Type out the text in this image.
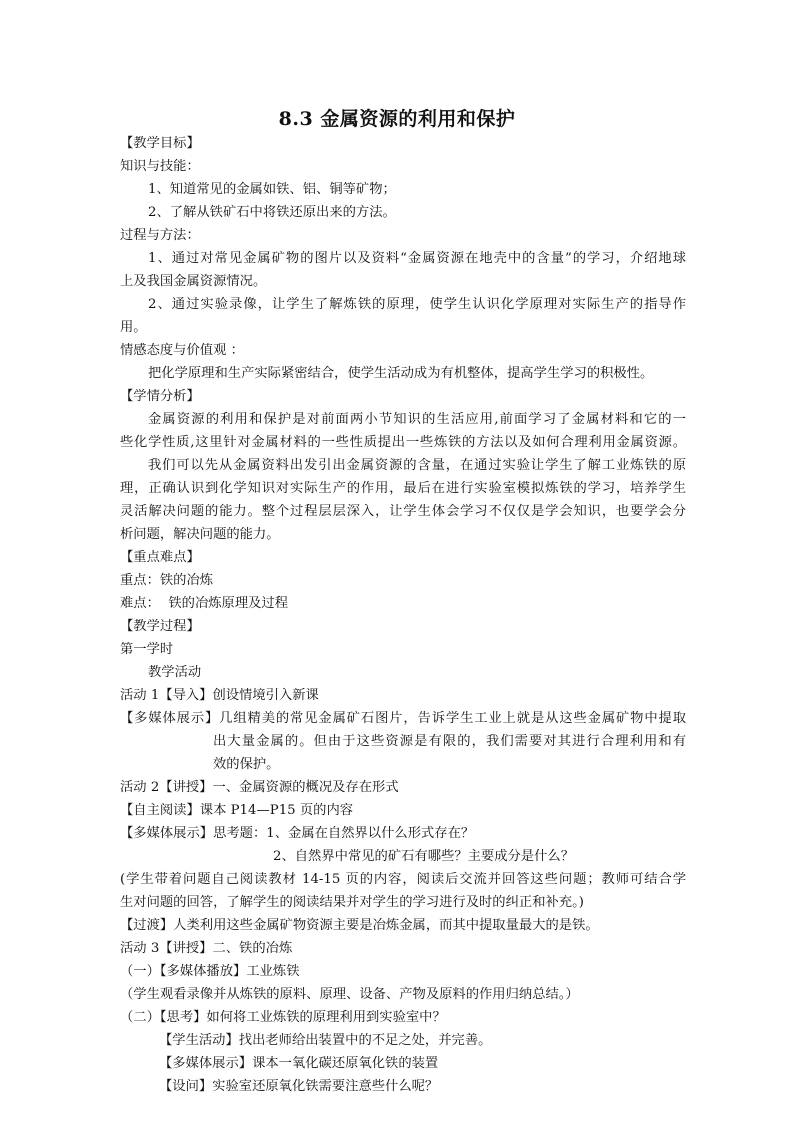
8.3 金属资源的利用和保护
【教学目标】
知识与技能：
1、知道常见的金属如铁、铝、铜等矿物；
2、了解从铁矿石中将铁还原出来的方法。
过程与方法：
1、通过对常见金属矿物的图片以及资料“金属资源在地壳中的含量”的学习，介绍地球
上及我国金属资源情况。
2、通过实验录像，让学生了解炼铁的原理，使学生认识化学原理对实际生产的指导作
用。
情感态度与价值观 ：
把化学原理和生产实际紧密结合，使学生活动成为有机整体，提高学生学习的积极性。
【学情分析】
金属资源的利用和保护是对前面两小节知识的生活应用,前面学习了金属材料和它的一
些化学性质,这里针对金属材料的一些性质提出一些炼铁的方法以及如何合理利用金属资源。
我们可以先从金属资料出发引出金属资源的含量，在通过实验让学生了解工业炼铁的原
理，正确认识到化学知识对实际生产的作用，最后在进行实验室模拟炼铁的学习，培养学生
灵活解决问题的能力。整个过程层层深入，让学生体会学习不仅仅是学会知识，也要学会分
析问题，解决问题的能力。
【重点难点】
重点：铁的冶炼
难点：  铁的冶炼原理及过程
【教学过程】
第一学时
教学活动
活动 1【导入】创设情境引入新课
【多媒体展示】几组精美的常见金属矿石图片，告诉学生工业上就是从这些金属矿物中提取
出大量金属的。但由于这些资源是有限的，我们需要对其进行合理利用和有
效的保护。
活动 2【讲授】一、金属资源的概况及存在形式
【自主阅读】课本 P14—P15 页的内容
【多媒体展示】思考题：1、金属在自然界以什么形式存在？
2、自然界中常见的矿石有哪些？主要成分是什么？
(学生带着问题自己阅读教材 14-15 页的内容，阅读后交流并回答这些问题；教师可结合学
生对问题的回答，了解学生的阅读结果并对学生的学习进行及时的纠正和补充。)
【过渡】人类利用这些金属矿物资源主要是冶炼金属，而其中提取量最大的是铁。
活动 3【讲授】二、铁的冶炼
（一）【多媒体播放】工业炼铁
（学生观看录像并从炼铁的原料、原理、设备、产物及原料的作用归纳总结。）
（二）【思考】如何将工业炼铁的原理利用到实验室中？
【学生活动】找出老师给出装置中的不足之处，并完善。
【多媒体展示】课本一氧化碳还原氧化铁的装置
【设问】实验室还原氧化铁需要注意些什么呢？
